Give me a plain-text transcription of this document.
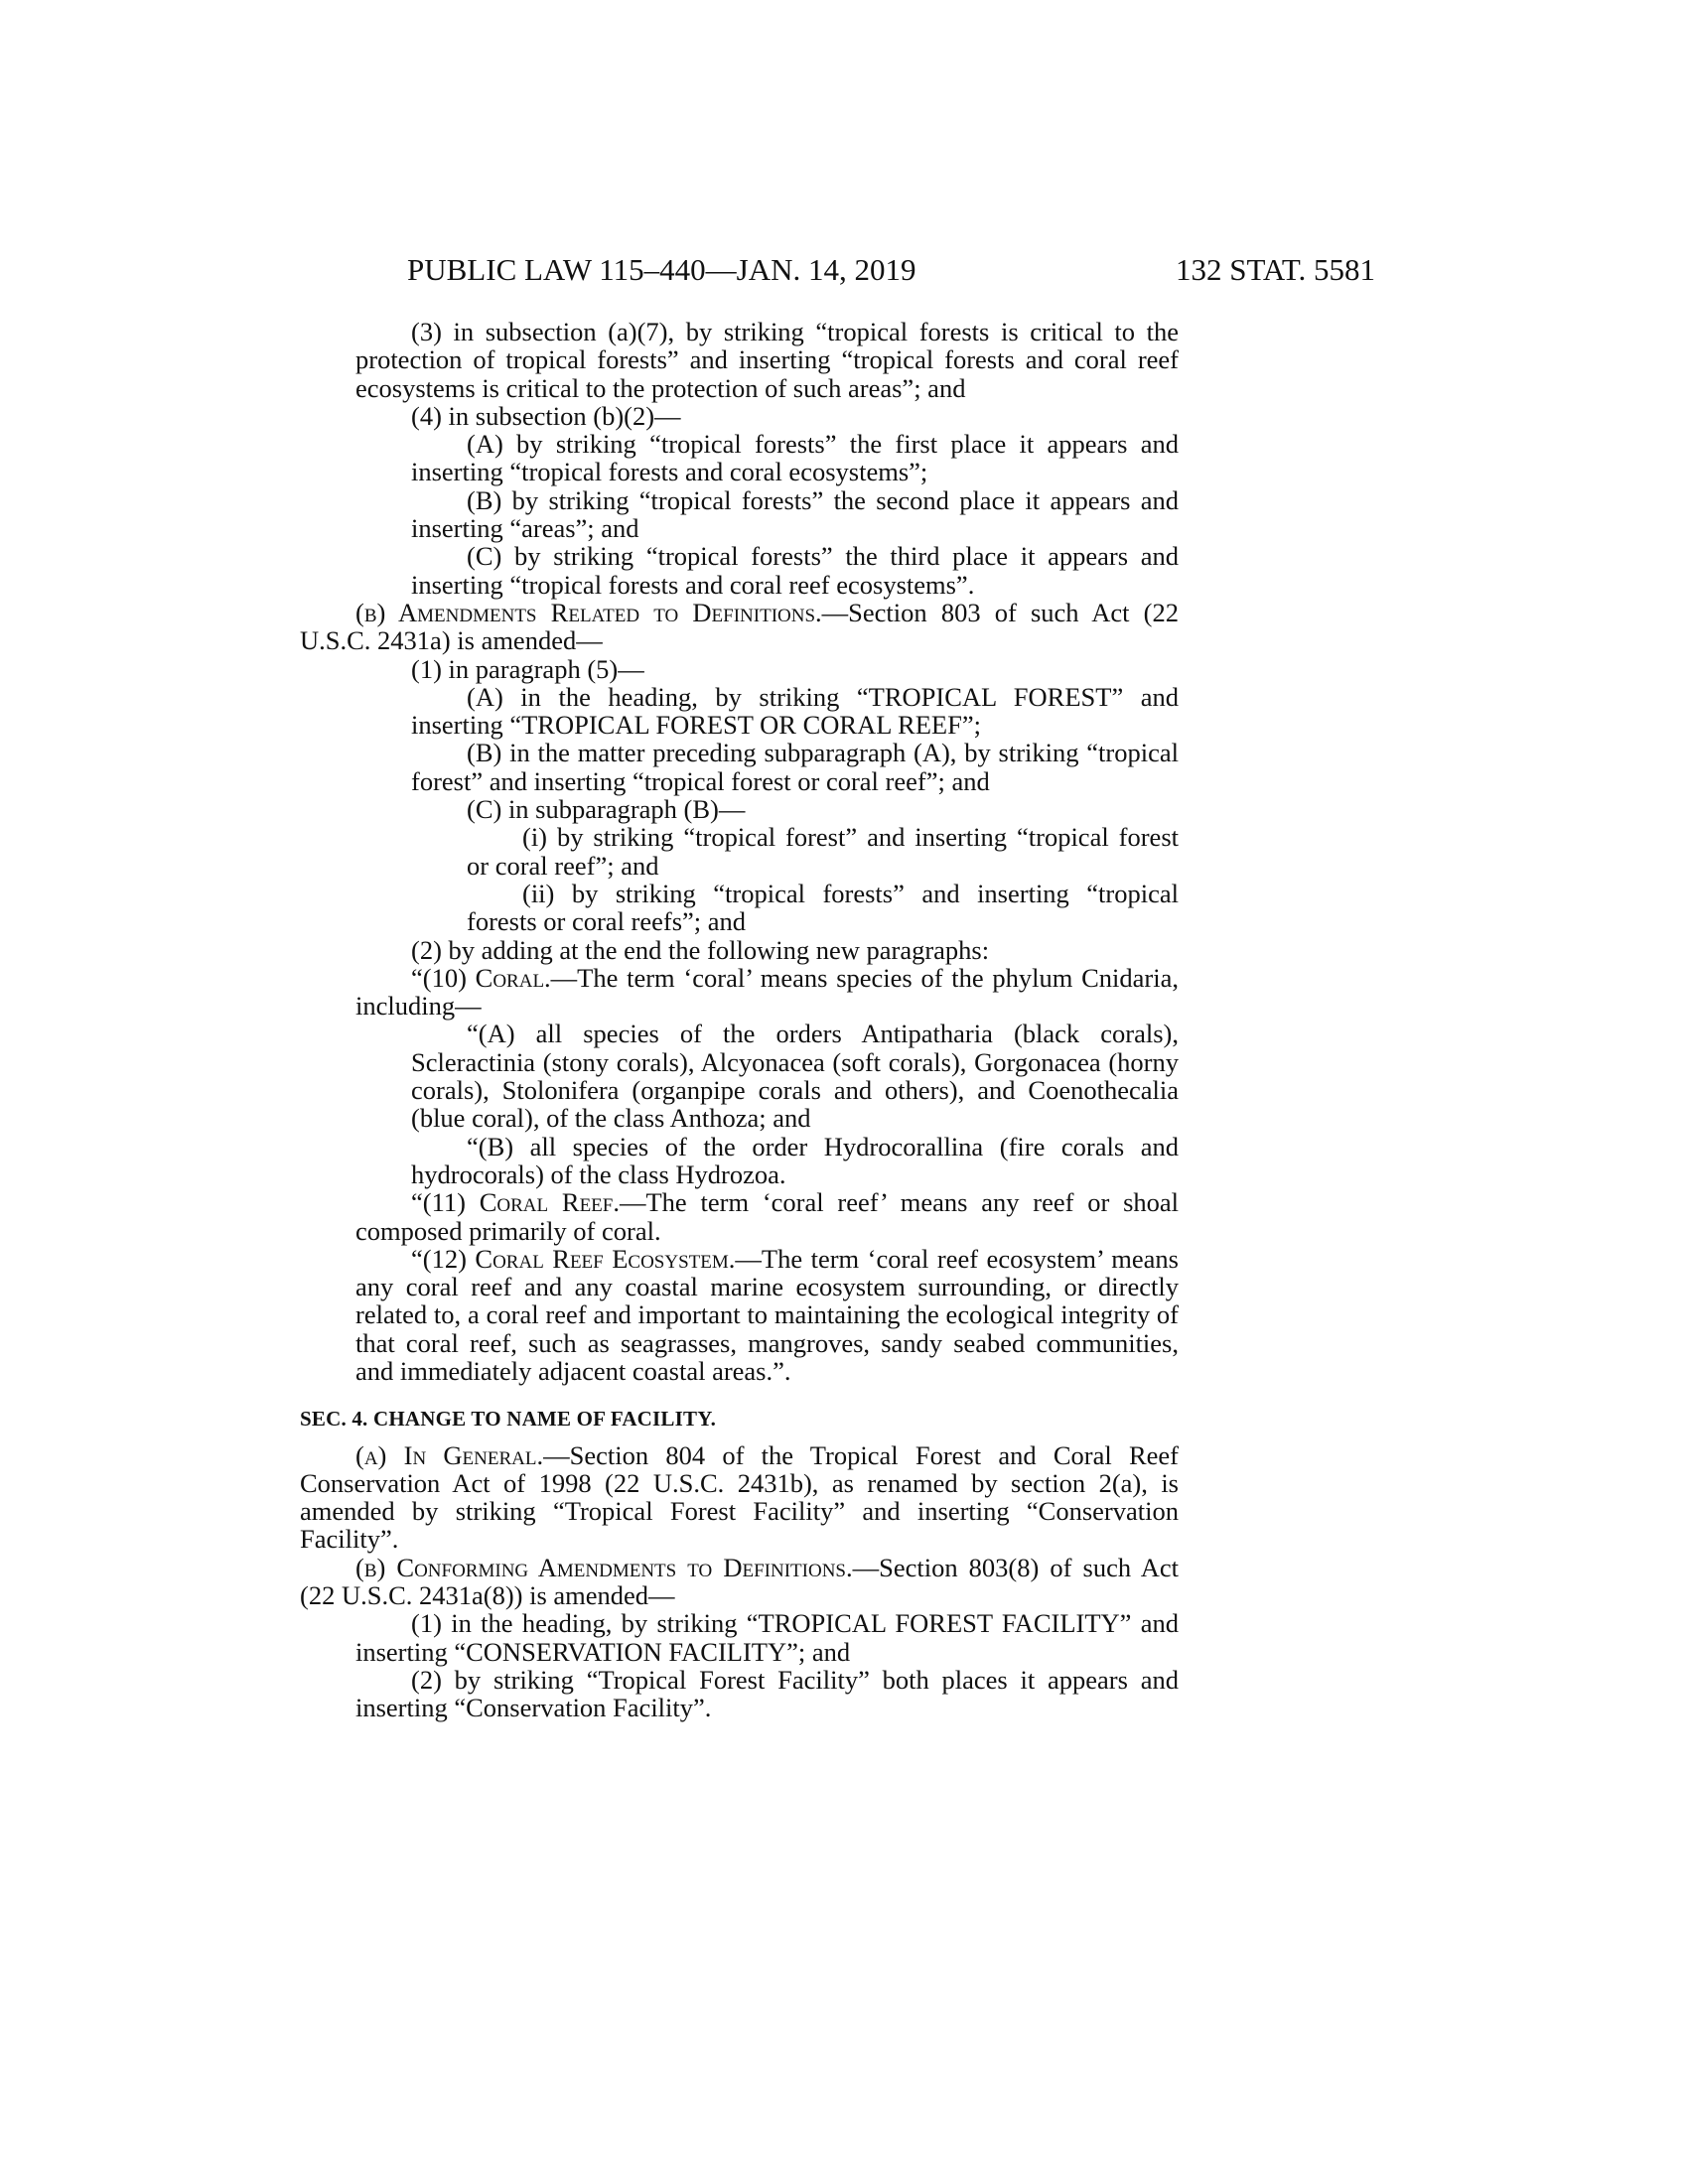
PUBLIC LAW 115–440—JAN. 14, 2019	132 STAT. 5581

(3) in subsection (a)(7), by striking “tropical forests is critical to the protection of tropical forests” and inserting “tropical forests and coral reef ecosystems is critical to the protection of such areas”; and

(4) in subsection (b)(2)—

(A) by striking “tropical forests” the first place it appears and inserting “tropical forests and coral ecosystems”;

(B) by striking “tropical forests” the second place it appears and inserting “areas”; and

(C) by striking “tropical forests” the third place it appears and inserting “tropical forests and coral reef ecosystems”.

(b) Amendments Related to Definitions.—Section 803 of such Act (22 U.S.C. 2431a) is amended—

(1) in paragraph (5)—

(A) in the heading, by striking “TROPICAL FOREST” and inserting “TROPICAL FOREST OR CORAL REEF”;

(B) in the matter preceding subparagraph (A), by striking “tropical forest” and inserting “tropical forest or coral reef”; and

(C) in subparagraph (B)—

(i) by striking “tropical forest” and inserting “tropical forest or coral reef”; and

(ii) by striking “tropical forests” and inserting “tropical forests or coral reefs”; and

(2) by adding at the end the following new paragraphs:

“(10) Coral.—The term ‘coral’ means species of the phylum Cnidaria, including—

“(A) all species of the orders Antipatharia (black corals), Scleractinia (stony corals), Alcyonacea (soft corals), Gorgonacea (horny corals), Stolonifera (organpipe corals and others), and Coenothecalia (blue coral), of the class Anthoza; and

“(B) all species of the order Hydrocorallina (fire corals and hydrocorals) of the class Hydrozoa.

“(11) Coral Reef.—The term ‘coral reef’ means any reef or shoal composed primarily of coral.

“(12) Coral Reef Ecosystem.—The term ‘coral reef ecosystem’ means any coral reef and any coastal marine ecosystem surrounding, or directly related to, a coral reef and important to maintaining the ecological integrity of that coral reef, such as seagrasses, mangroves, sandy seabed communities, and immediately adjacent coastal areas.”.

SEC. 4. CHANGE TO NAME OF FACILITY.

(a) In General.—Section 804 of the Tropical Forest and Coral Reef Conservation Act of 1998 (22 U.S.C. 2431b), as renamed by section 2(a), is amended by striking “Tropical Forest Facility” and inserting “Conservation Facility”.

(b) Conforming Amendments to Definitions.—Section 803(8) of such Act (22 U.S.C. 2431a(8)) is amended—

(1) in the heading, by striking “TROPICAL FOREST FACILITY” and inserting “CONSERVATION FACILITY”; and

(2) by striking “Tropical Forest Facility” both places it appears and inserting “Conservation Facility”.
